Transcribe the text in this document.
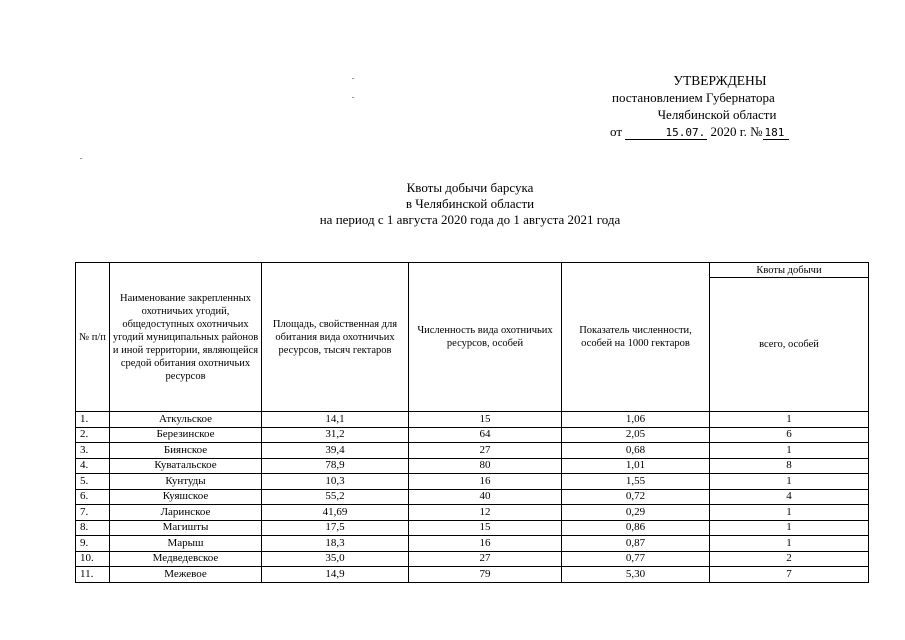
УТВЕРЖДЕНЫ
постановлением Губернатора
Челябинской области
от	15.07. 2020 г. № 181
Квоты добычи барсука
в Челябинской области
на период с 1 августа 2020 года до 1 августа 2021 года
№ п/п	Наименование закрепленных охотничьих угодий, общедоступных охотничьих угодий муниципальных районов и иной территории, являющейся средой обитания охотничьих ресурсов	Площадь, свойственная для обитания вида охотничьих ресурсов, тысяч гектаров	Численность вида охотничьих ресурсов, особей	Показатель численности, особей на 1000 гектаров	Квоты добычи
					всего, особей
1.	Аткульское	14,1	15	1,06	1
2.	Березинское	31,2	64	2,05	6
3.	Биянское	39,4	27	0,68	1
4.	Куватальское	78,9	80	1,01	8
5.	Кунтуды	10,3	16	1,55	1
6.	Куяшское	55,2	40	0,72	4
7.	Ларинское	41,69	12	0,29	1
8.	Магишты	17,5	15	0,86	1
9.	Марыш	18,3	16	0,87	1
10.	Медведевское	35,0	27	0,77	2
11.	Межевое	14,9	79	5,30	7
